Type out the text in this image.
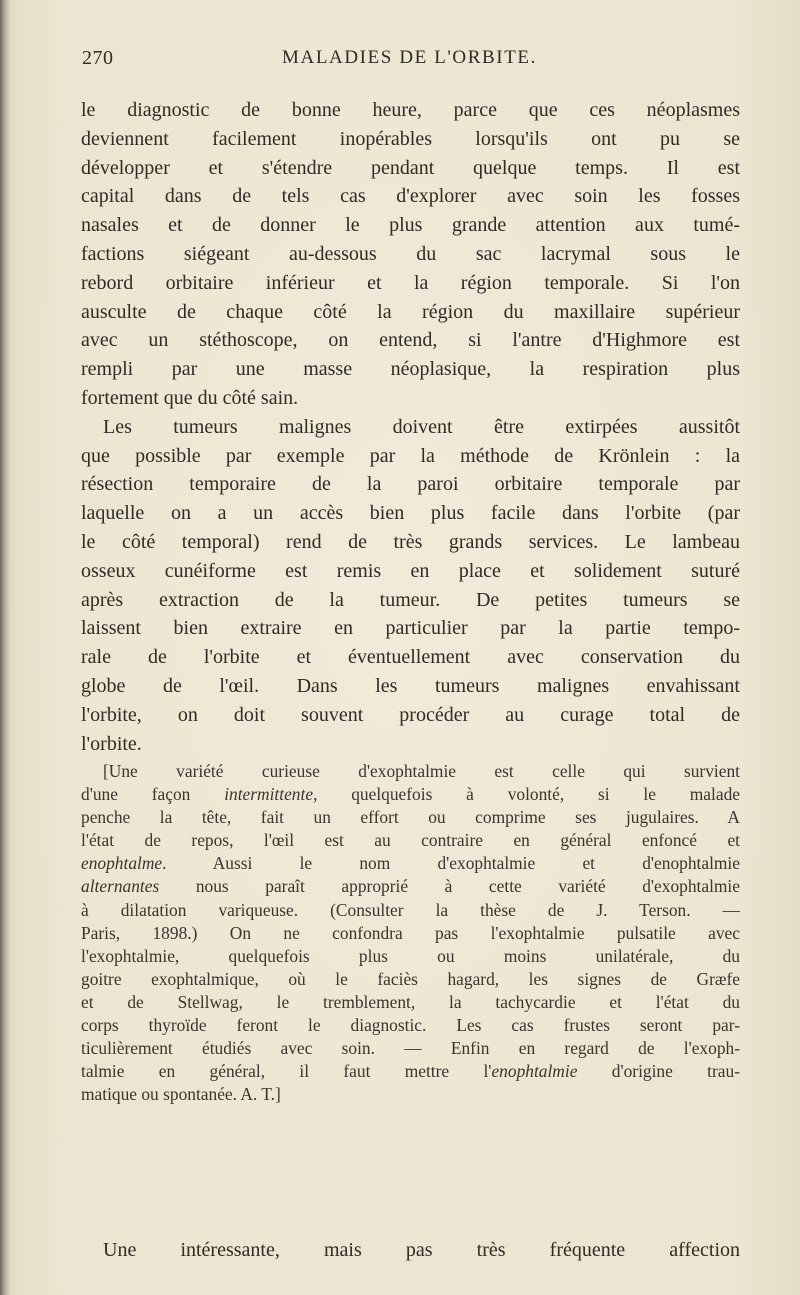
270	MALADIES DE L'ORBITE.
le diagnostic de bonne heure, parce que ces néoplasmes
deviennent facilement inopérables lorsqu'ils ont pu se
développer et s'étendre pendant quelque temps. Il est
capital dans de tels cas d'explorer avec soin les fosses
nasales et de donner le plus grande attention aux tumé-
factions siégeant au-dessous du sac lacrymal sous le
rebord orbitaire inférieur et la région temporale. Si l'on
ausculte de chaque côté la région du maxillaire supérieur
avec un stéthoscope, on entend, si l'antre d'Highmore est
rempli par une masse néoplasique, la respiration plus
fortement que du côté sain.
Les tumeurs malignes doivent être extirpées aussitôt
que possible par exemple par la méthode de Krönlein : la
résection temporaire de la paroi orbitaire temporale par
laquelle on a un accès bien plus facile dans l'orbite (par
le côté temporal) rend de très grands services. Le lambeau
osseux cunéiforme est remis en place et solidement suturé
après extraction de la tumeur. De petites tumeurs se
laissent bien extraire en particulier par la partie tempo-
rale de l'orbite et éventuellement avec conservation du
globe de l'œil. Dans les tumeurs malignes envahissant
l'orbite, on doit souvent procéder au curage total de
l'orbite.
[Une variété curieuse d'exophtalmie est celle qui survient
d'une façon intermittente, quelquefois à volonté, si le malade
penche la tête, fait un effort ou comprime ses jugulaires. A
l'état de repos, l'œil est au contraire en général enfoncé et
enophtalme. Aussi le nom d'exophtalmie et d'enophtalmie
alternantes nous paraît approprié à cette variété d'exophtalmie
à dilatation variqueuse. (Consulter la thèse de J. Terson. —
Paris, 1898.) On ne confondra pas l'exophtalmie pulsatile avec
l'exophtalmie, quelquefois plus ou moins unilatérale, du
goitre exophtalmique, où le faciès hagard, les signes de Græfe
et de Stellwag, le tremblement, la tachycardie et l'état du
corps thyroïde feront le diagnostic. Les cas frustes seront par-
ticulièrement étudiés avec soin. — Enfin en regard de l'exoph-
talmie en général, il faut mettre l'enophtalmie d'origine trau-
matique ou spontanée. A. T.]
Une intéressante, mais pas très fréquente affection
